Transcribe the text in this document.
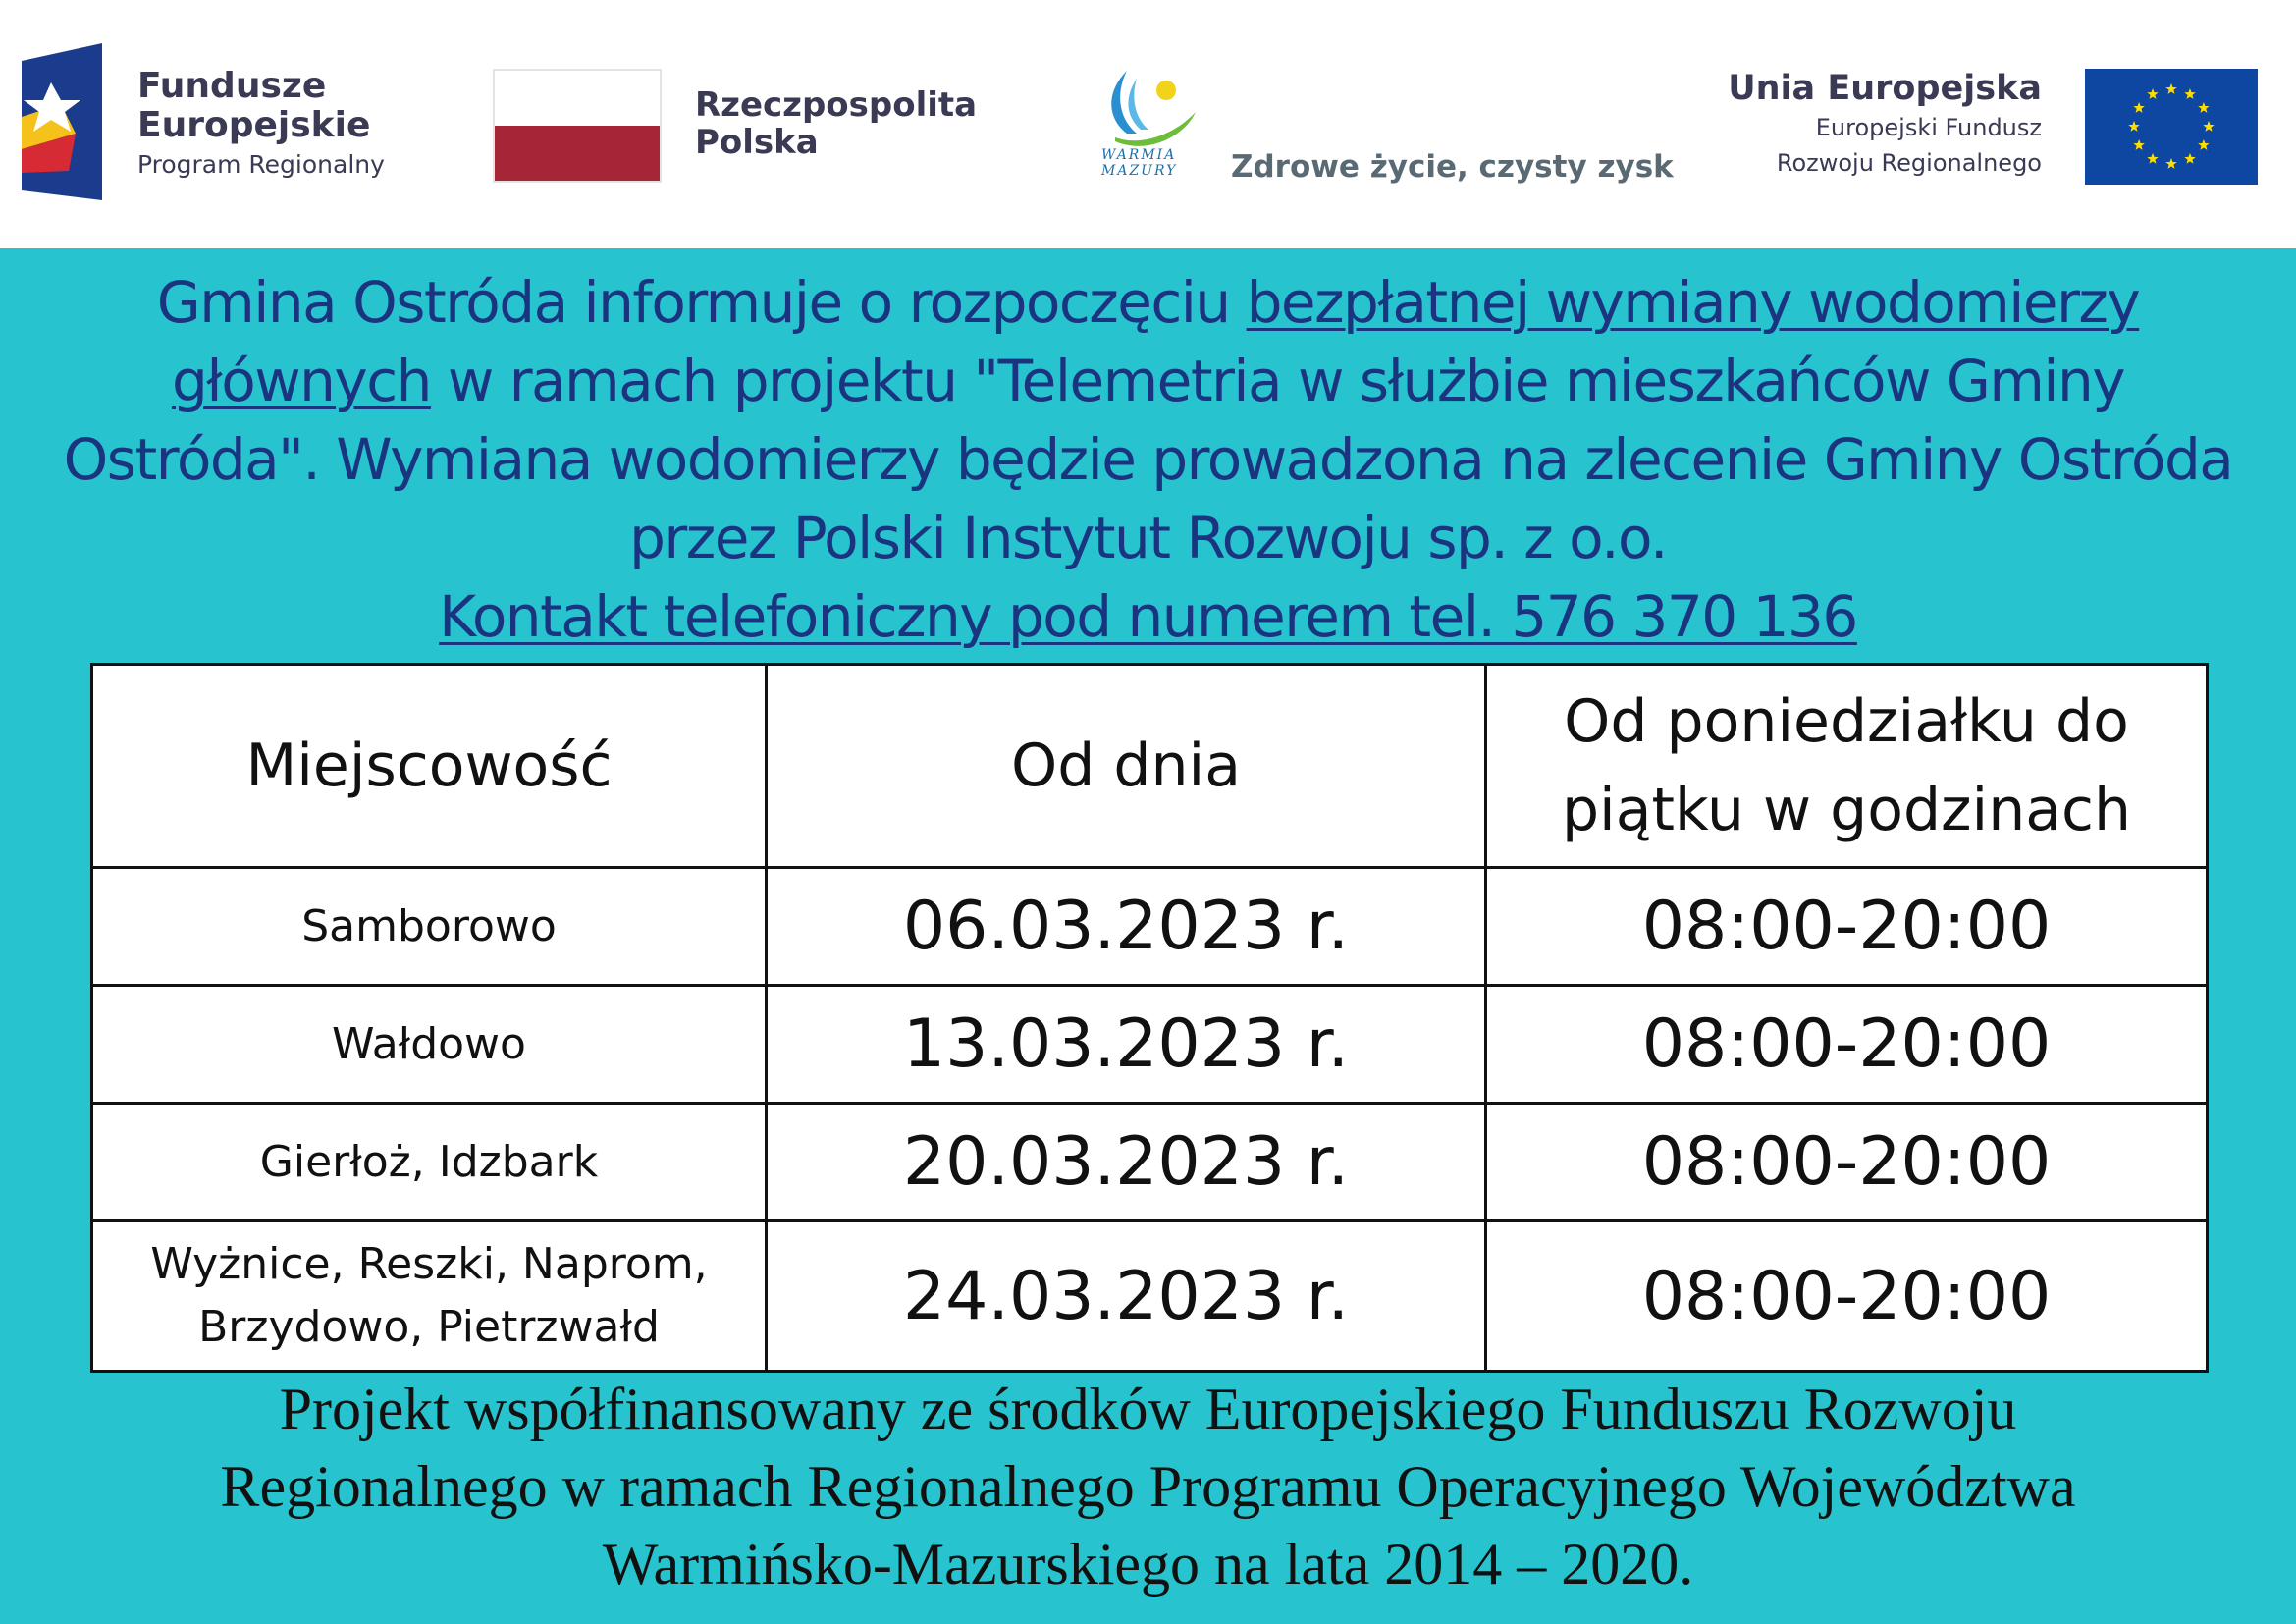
Fundusze
Europejskie
Program Regionalny
Rzeczpospolita
Polska	WARMIA
MAZURY Zdrowe życie, czysty zysk
Unia Europejska
Europejski Fundusz
Rozwoju Regionalnego
Gmina Ostróda informuje o rozpoczęciu bezpłatnej wymiany wodomierzy głównych w ramach projektu "Telemetria w służbie mieszkańców Gminy Ostróda". Wymiana wodomierzy będzie prowadzona na zlecenie Gminy Ostróda przez Polski Instytut Rozwoju sp. z o.o.
Kontakt telefoniczny pod numerem tel. 576 370 136
Miejscowość	Od dnia	Od poniedziałku do
piątku w godzinach
Samborowo	06.03.2023 r.	08:00-20:00
Wałdowo	13.03.2023 r.	08:00-20:00
Gierłoż, Idzbark	20.03.2023 r.	08:00-20:00
Wyżnice, Reszki, Naprom,
Brzydowo, Pietrzwałd	24.03.2023 r.	08:00-20:00
Projekt współfinansowany ze środków Europejskiego Funduszu Rozwoju
Regionalnego w ramach Regionalnego Programu Operacyjnego Województwa
Warmińsko-Mazurskiego na lata 2014 – 2020.
